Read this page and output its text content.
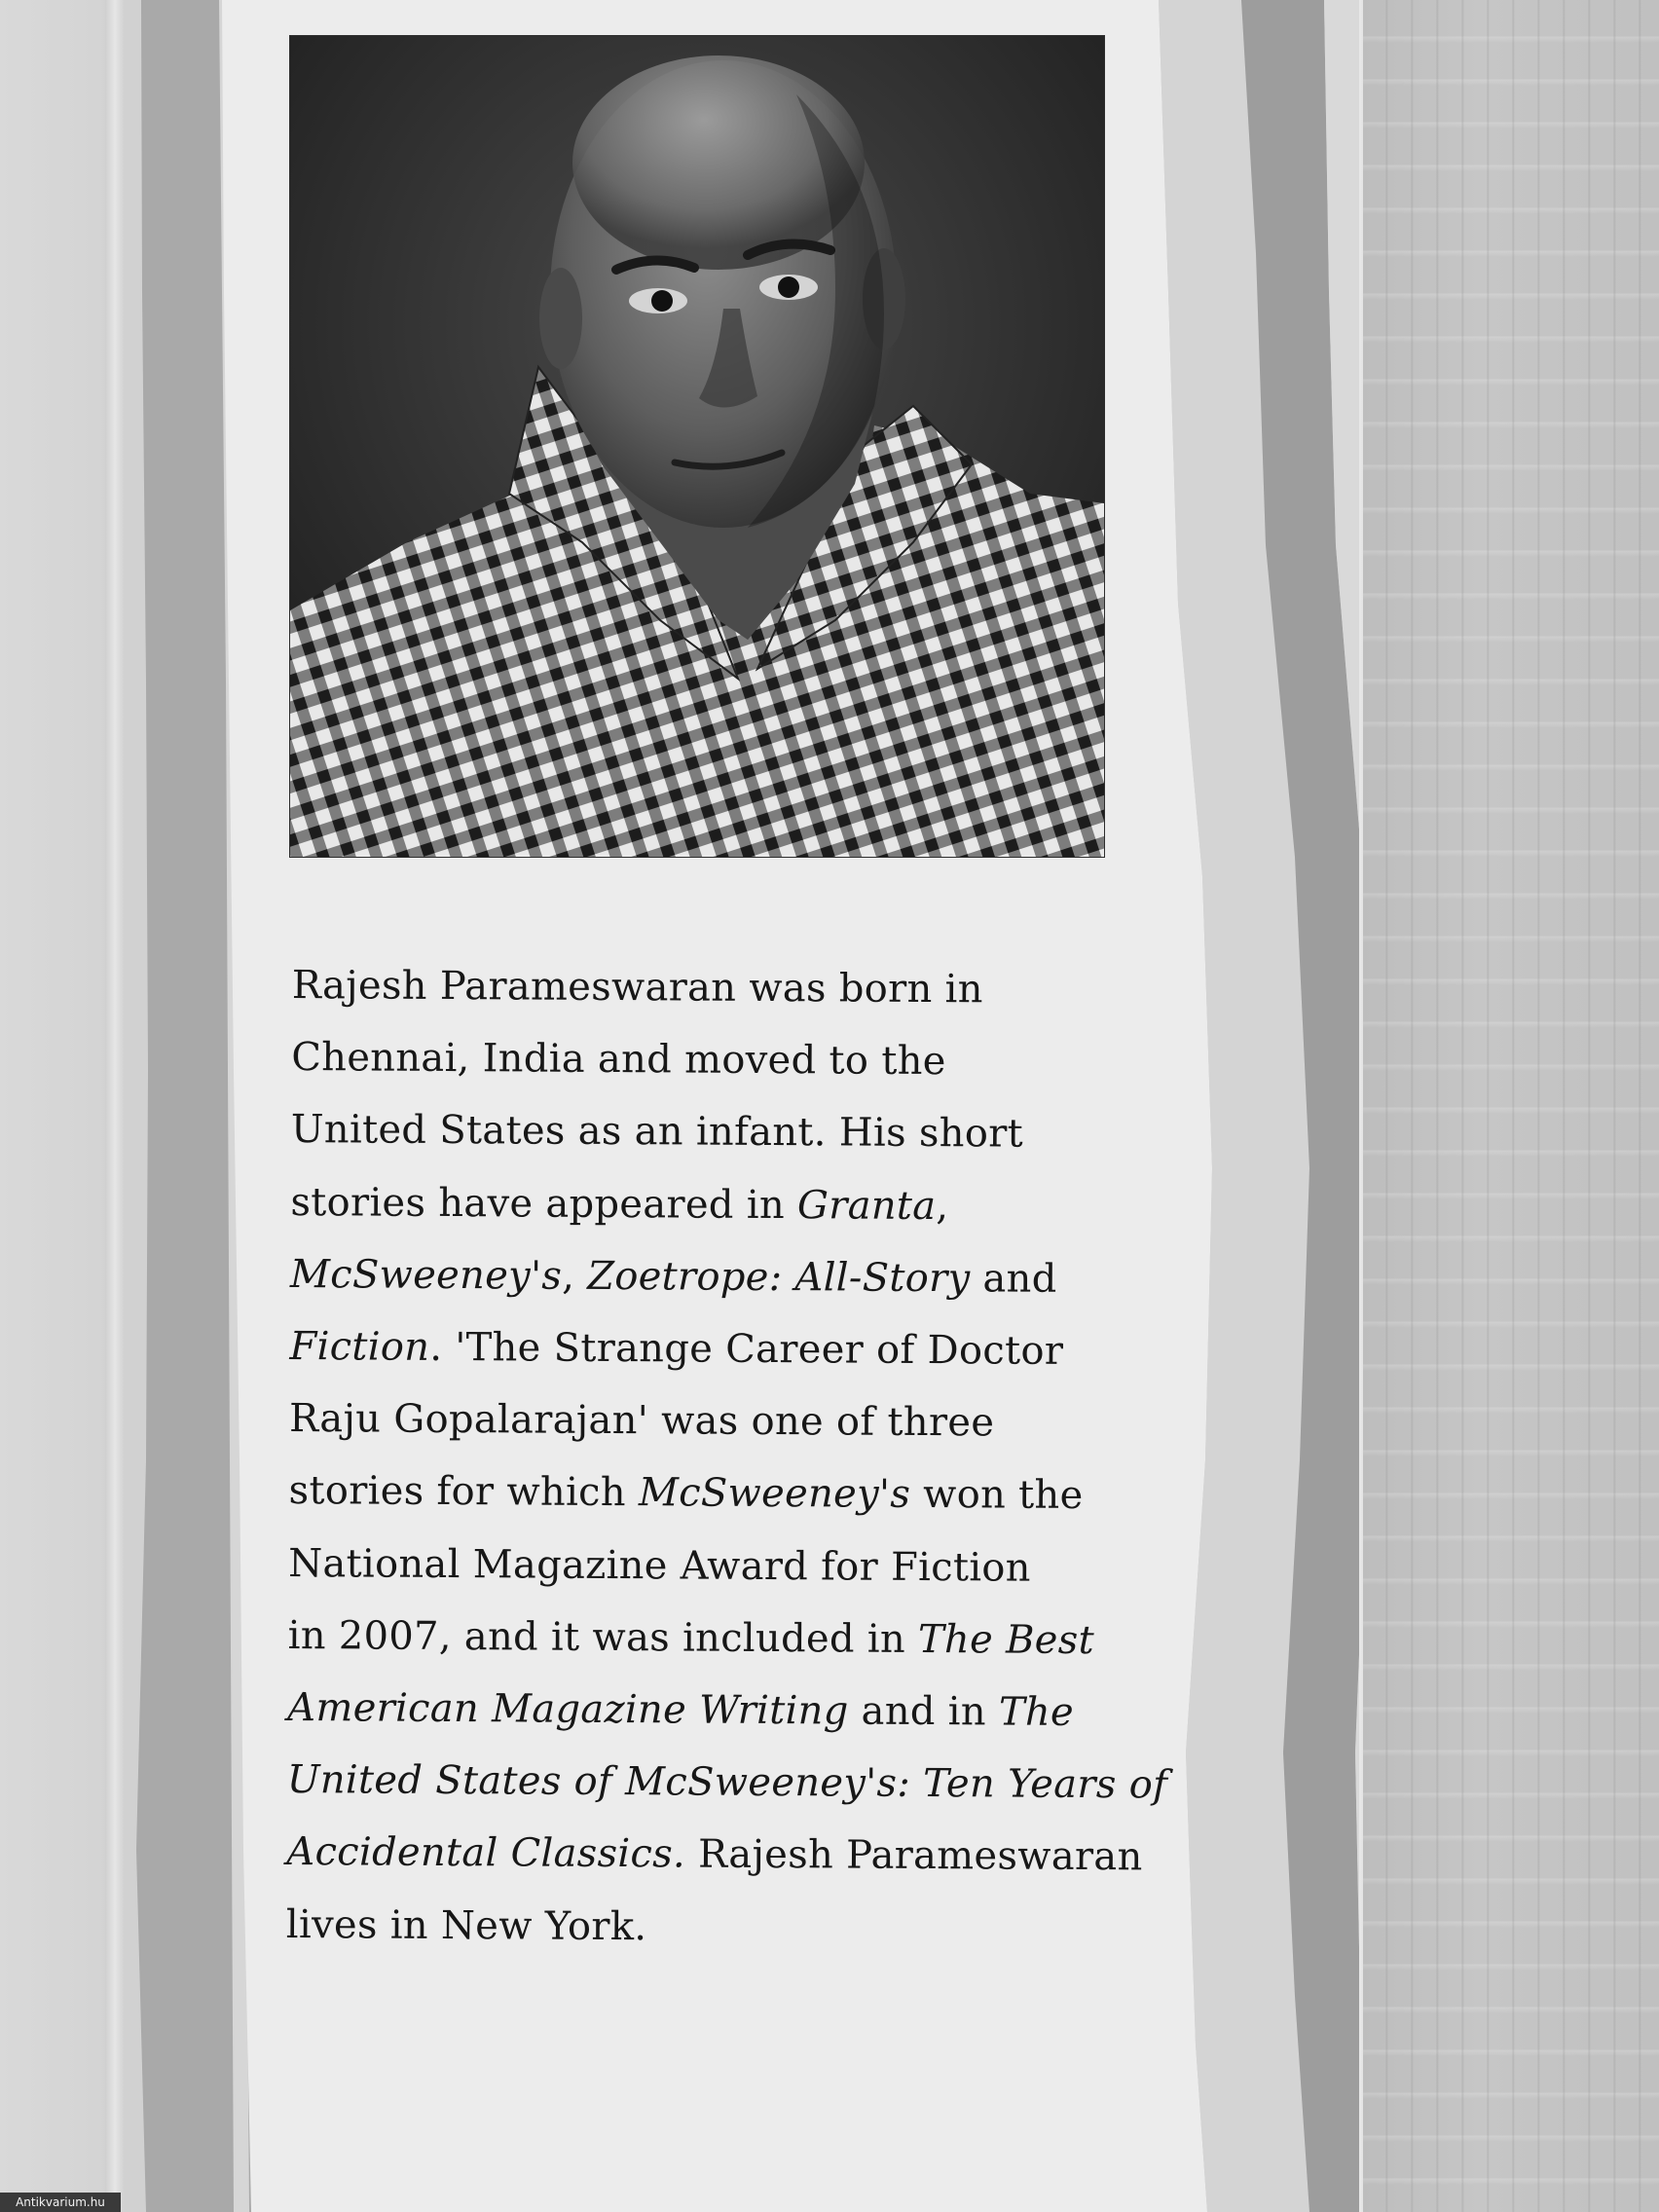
Rajesh Parameswaran was born in
Chennai, India and moved to the
United States as an infant. His short
stories have appeared in Granta,
McSweeney's, Zoetrope: All-Story and
Fiction. 'The Strange Career of Doctor
Raju Gopalarajan' was one of three
stories for which McSweeney's won the
National Magazine Award for Fiction
in 2007, and it was included in The Best
American Magazine Writing and in The
United States of McSweeney's: Ten Years of
Accidental Classics. Rajesh Parameswaran
lives in New York.

Antikvarium.hu
